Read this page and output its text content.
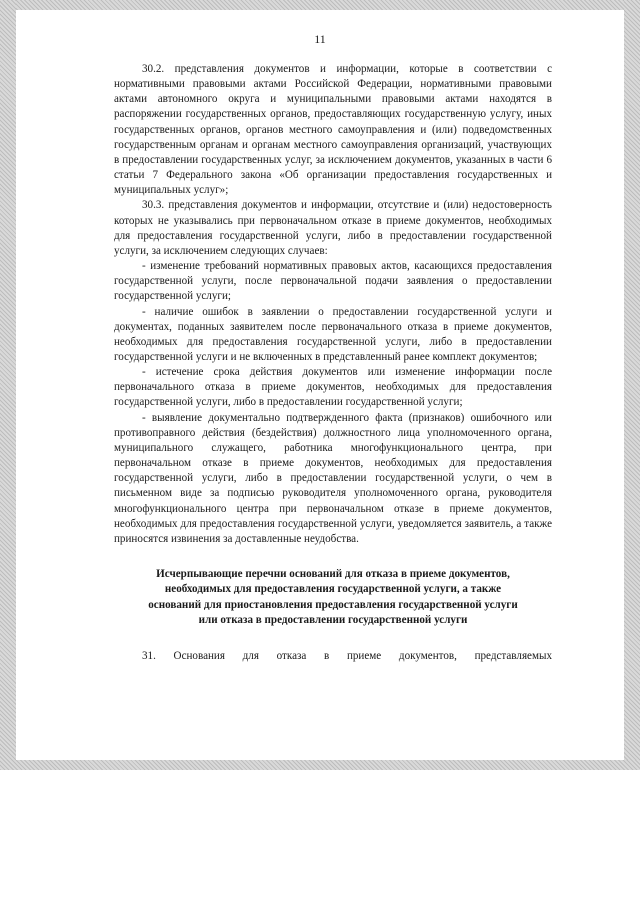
11

30.2. представления документов и информации, которые в соответствии с нормативными правовыми актами Российской Федерации, нормативными правовыми актами автономного округа и муниципальными правовыми актами находятся в распоряжении государственных органов, предоставляющих государственную услугу, иных государственных органов, органов местного самоуправления и (или) подведомственных государственным органам и органам местного самоуправления организаций, участвующих в предоставлении государственных услуг, за исключением документов, указанных в части 6 статьи 7 Федерального закона «Об организации предоставления государственных и муниципальных услуг»;

30.3. представления документов и информации, отсутствие и (или) недостоверность которых не указывались при первоначальном отказе в приеме документов, необходимых для предоставления государственной услуги, либо в предоставлении государственной услуги, за исключением следующих случаев:

- изменение требований нормативных правовых актов, касающихся предоставления государственной услуги, после первоначальной подачи заявления о предоставлении государственной услуги;

- наличие ошибок в заявлении о предоставлении государственной услуги и документах, поданных заявителем после первоначального отказа в приеме документов, необходимых для предоставления государственной услуги, либо в предоставлении государственной услуги и не включенных в представленный ранее комплект документов;

- истечение срока действия документов или изменение информации после первоначального отказа в приеме документов, необходимых для предоставления государственной услуги, либо в предоставлении государственной услуги;

- выявление документально подтвержденного факта (признаков) ошибочного или противоправного действия (бездействия) должностного лица уполномоченного органа, муниципального служащего, работника многофункционального центра, при первоначальном отказе в приеме документов, необходимых для предоставления государственной услуги, либо в предоставлении государственной услуги, о чем в письменном виде за подписью руководителя уполномоченного органа, руководителя многофункционального центра при первоначальном отказе в приеме документов, необходимых для предоставления государственной услуги, уведомляется заявитель, а также приносятся извинения за доставленные неудобства.

Исчерпывающие перечни оснований для отказа в приеме документов, необходимых для предоставления государственной услуги, а также оснований для приостановления предоставления государственной услуги или отказа в предоставлении государственной услуги

31. Основания для отказа в приеме документов, представляемых
